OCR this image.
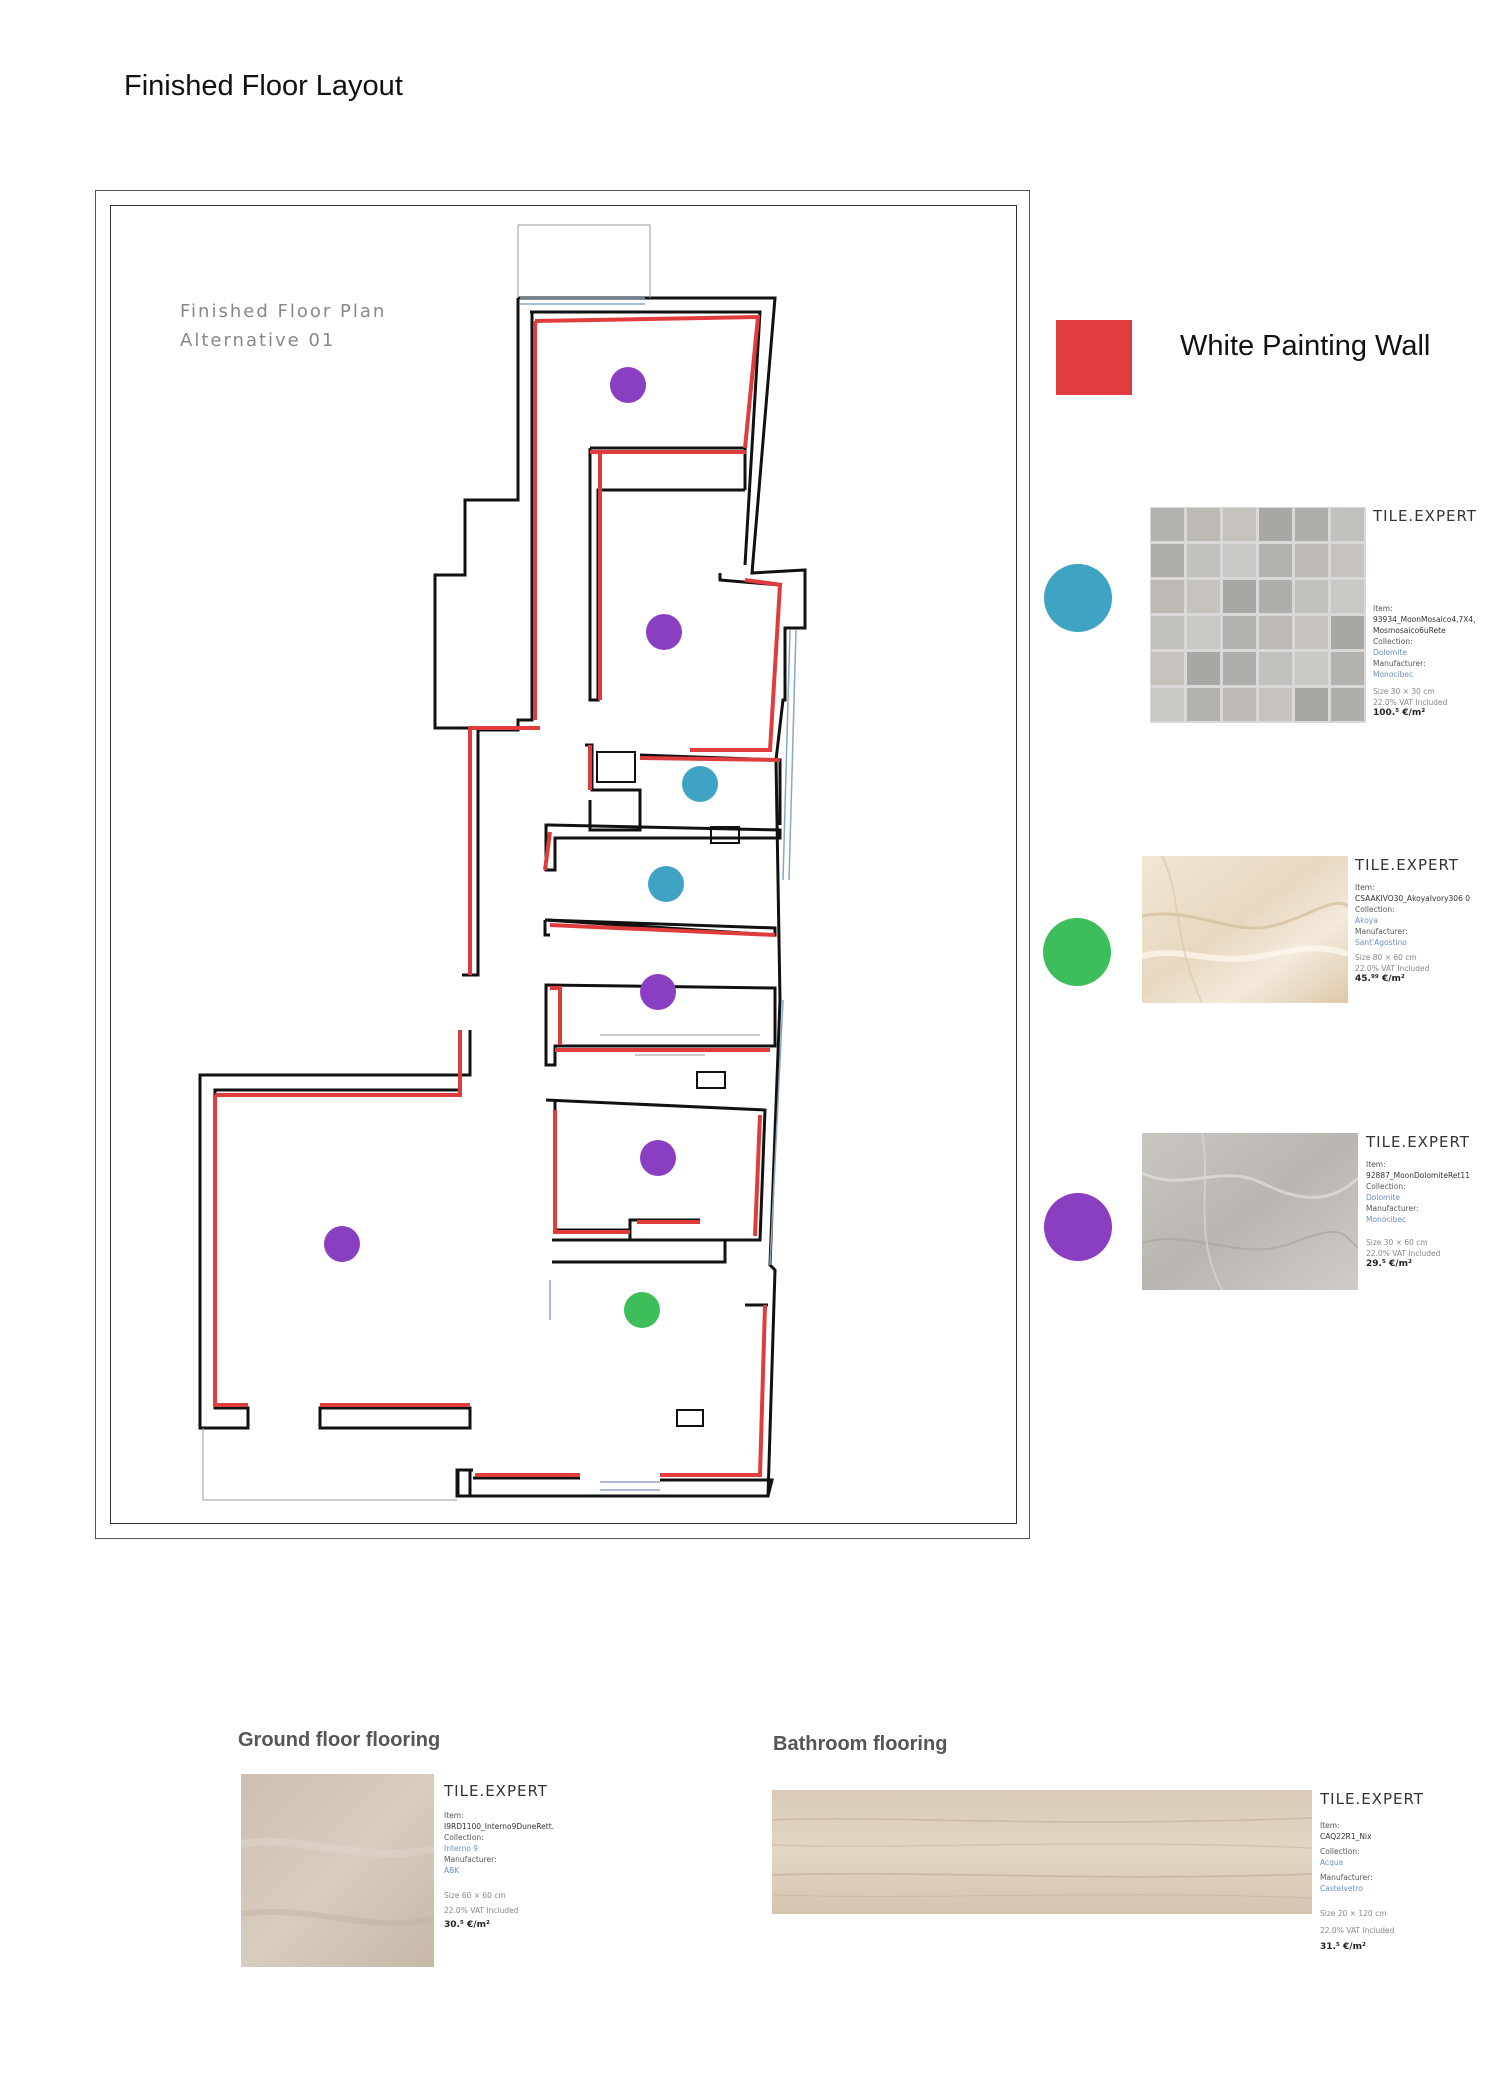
Finished Floor Layout
Finished Floor Plan
Alternative 01	White Painting Wall
TILE.EXPERT
Item:
93934_MoonMosaico4,7X4, Mosmosaico6uRete
Collection:
Dolomite
Manufacturer:
Monocibec
Size 30 × 30 cm
22.0% VAT Included
100.⁵ €/m²
TILE.EXPERT
Item:
CSAAKIVO30_AkoyaIvory306 0
Collection:
Akoya
Manufacturer:
Sant'Agostino
Size 80 × 60 cm
22.0% VAT Included
45.⁹⁹ €/m²
TILE.EXPERT
Item:
92887_MoonDolomiteRet11
Collection:
Dolomite
Manufacturer:
Monocibec
Size 30 × 60 cm
22.0% VAT Included
29.⁵ €/m²
Ground floor flooring
TILE.EXPERT
Item:
I9RD1100_Interno9DuneRett.
Collection:
Interno 9
Manufacturer:
ABK
Size 60 × 60 cm
22.0% VAT Included
30.⁵ €/m²
Bathroom flooring
TILE.EXPERT
Item:
CAQ22R1_Nix
Collection:
Acqua
Manufacturer:
Castelvetro
Size 20 × 120 cm
22.0% VAT Included
31.⁵ €/m²
